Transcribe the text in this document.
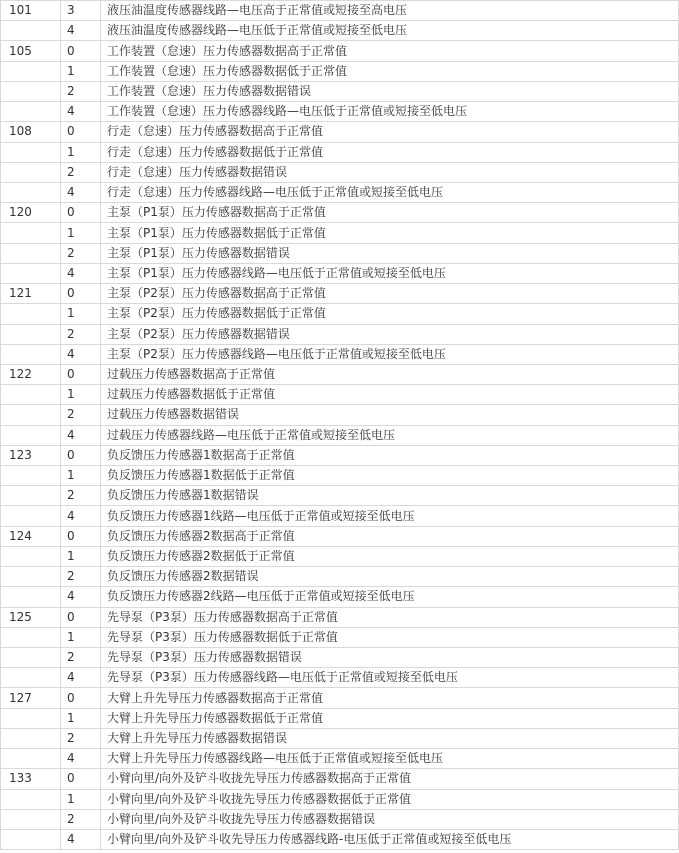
101	3	液压油温度传感器线路—电压高于正常值或短接至高电压
	4	液压油温度传感器线路—电压低于正常值或短接至低电压
105	0	工作装置（怠速）压力传感器数据高于正常值
	1	工作装置（怠速）压力传感器数据低于正常值
	2	工作装置（怠速）压力传感器数据错误
	4	工作装置（怠速）压力传感器线路—电压低于正常值或短接至低电压
108	0	行走（怠速）压力传感器数据高于正常值
	1	行走（怠速）压力传感器数据低于正常值
	2	行走（怠速）压力传感器数据错误
	4	行走（怠速）压力传感器线路—电压低于正常值或短接至低电压
120	0	主泵（P1泵）压力传感器数据高于正常值
	1	主泵（P1泵）压力传感器数据低于正常值
	2	主泵（P1泵）压力传感器数据错误
	4	主泵（P1泵）压力传感器线路—电压低于正常值或短接至低电压
121	0	主泵（P2泵）压力传感器数据高于正常值
	1	主泵（P2泵）压力传感器数据低于正常值
	2	主泵（P2泵）压力传感器数据错误
	4	主泵（P2泵）压力传感器线路—电压低于正常值或短接至低电压
122	0	过载压力传感器数据高于正常值
	1	过载压力传感器数据低于正常值
	2	过载压力传感器数据错误
	4	过载压力传感器线路—电压低于正常值或短接至低电压
123	0	负反馈压力传感器1数据高于正常值
	1	负反馈压力传感器1数据低于正常值
	2	负反馈压力传感器1数据错误
	4	负反馈压力传感器1线路—电压低于正常值或短接至低电压
124	0	负反馈压力传感器2数据高于正常值
	1	负反馈压力传感器2数据低于正常值
	2	负反馈压力传感器2数据错误
	4	负反馈压力传感器2线路—电压低于正常值或短接至低电压
125	0	先导泵（P3泵）压力传感器数据高于正常值
	1	先导泵（P3泵）压力传感器数据低于正常值
	2	先导泵（P3泵）压力传感器数据错误
	4	先导泵（P3泵）压力传感器线路—电压低于正常值或短接至低电压
127	0	大臂上升先导压力传感器数据高于正常值
	1	大臂上升先导压力传感器数据低于正常值
	2	大臂上升先导压力传感器数据错误
	4	大臂上升先导压力传感器线路—电压低于正常值或短接至低电压
133	0	小臂向里/向外及铲斗收拢先导压力传感器数据高于正常值
	1	小臂向里/向外及铲斗收拢先导压力传感器数据低于正常值
	2	小臂向里/向外及铲斗收拢先导压力传感器数据错误
	4	小臂向里/向外及铲斗收先导压力传感器线路-电压低于正常值或短接至低电压
